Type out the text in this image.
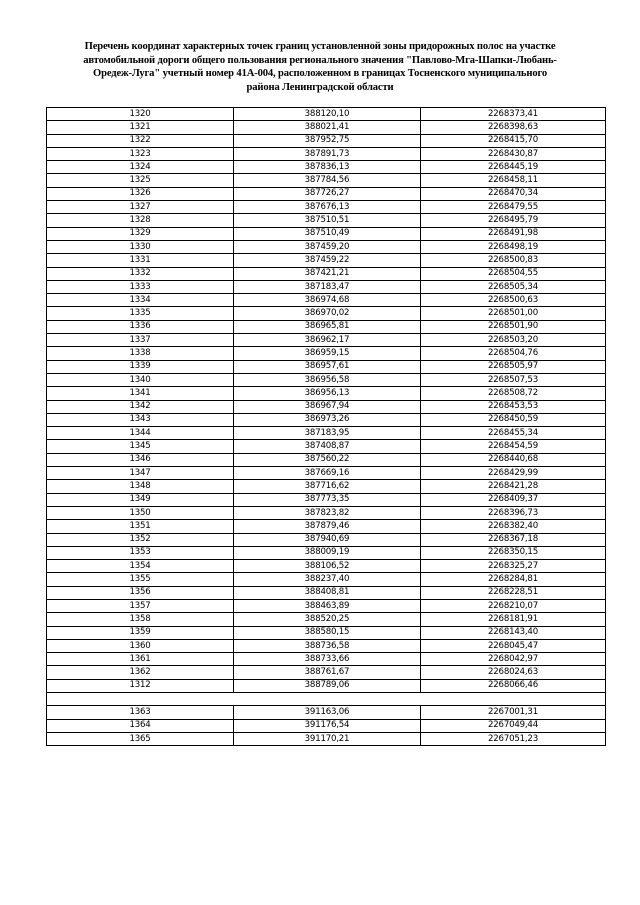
Перечень координат характерных точек границ установленной зоны придорожных полос на участке
автомобильной дороги общего пользования регионального значения "Павлово-Мга-Шапки-Любань-
Оредеж-Луга" учетный номер 41А-004, расположенном в границах Тосненского муниципального
района Ленинградской области
1320	388120,10	2268373,41
1321	388021,41	2268398,63
1322	387952,75	2268415,70
1323	387891,73	2268430,87
1324	387836,13	2268445,19
1325	387784,56	2268458,11
1326	387726,27	2268470,34
1327	387676,13	2268479,55
1328	387510,51	2268495,79
1329	387510,49	2268491,98
1330	387459,20	2268498,19
1331	387459,22	2268500,83
1332	387421,21	2268504,55
1333	387183,47	2268505,34
1334	386974,68	2268500,63
1335	386970,02	2268501,00
1336	386965,81	2268501,90
1337	386962,17	2268503,20
1338	386959,15	2268504,76
1339	386957,61	2268505,97
1340	386956,58	2268507,53
1341	386956,13	2268508,72
1342	386967,94	2268453,53
1343	386973,26	2268450,59
1344	387183,95	2268455,34
1345	387408,87	2268454,59
1346	387560,22	2268440,68
1347	387669,16	2268429,99
1348	387716,62	2268421,28
1349	387773,35	2268409,37
1350	387823,82	2268396,73
1351	387879,46	2268382,40
1352	387940,69	2268367,18
1353	388009,19	2268350,15
1354	388106,52	2268325,27
1355	388237,40	2268284,81
1356	388408,81	2268228,51
1357	388463,89	2268210,07
1358	388520,25	2268181,91
1359	388580,15	2268143,40
1360	388736,58	2268045,47
1361	388733,66	2268042,97
1362	388761,67	2268024,63
1312	388789,06	2268066,46

1363	391163,06	2267001,31
1364	391176,54	2267049,44
1365	391170,21	2267051,23
